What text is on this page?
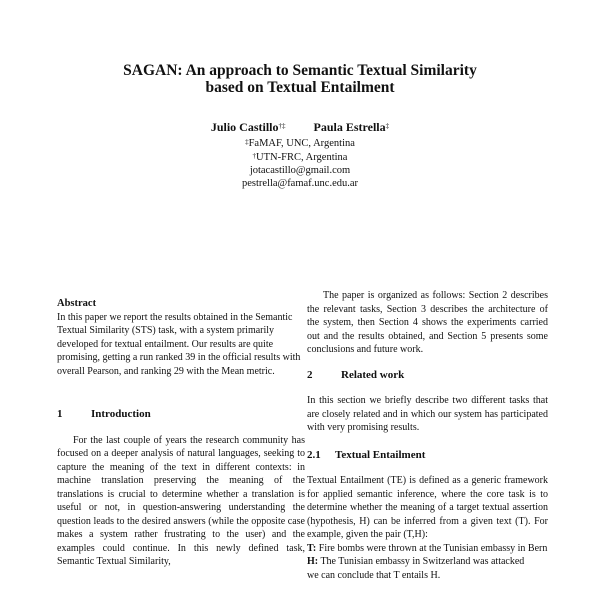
SAGAN: An approach to Semantic Textual Similarity
based on Textual Entailment
Julio Castillo†‡ Paula Estrella‡
‡FaMAF, UNC, Argentina
†UTN-FRC, Argentina
jotacastillo@gmail.com
pestrella@famaf.unc.edu.ar

Abstract

In this paper we report the results obtained in the Semantic Textual Similarity (STS) task, with a system primarily developed for textual entailment. Our results are quite promising, getting a run ranked 39 in the official results with overall Pearson, and ranking 29 with the Mean metric.

1	Introduction

For the last couple of years the research community has focused on a deeper analysis of natural languages, seeking to capture the meaning of the text in different contexts: in machine translation preserving the meaning of the translations is crucial to determine whether a translation is useful or not, in question-answering understanding the question leads to the desired answers (while the opposite case makes a system rather frustrating to the user) and the examples could continue. In this newly defined task, Semantic Textual Similarity,

The paper is organized as follows: Section 2 describes the relevant tasks, Section 3 describes the architecture of the system, then Section 4 shows the experiments carried out and the results obtained, and Section 5 presents some conclusions and future work.

2	Related work

In this section we briefly describe two different tasks that are closely related and in which our system has participated with very promising results.

2.1 Textual Entailment

Textual Entailment (TE) is defined as a generic framework for applied semantic inference, where the core task is to determine whether the meaning of a target textual assertion (hypothesis, H) can be inferred from a given text (T). For example, given the pair (T,H):

T: Fire bombs were thrown at the Tunisian embassy in Bern

H: The Tunisian embassy in Switzerland was attacked

we can conclude that T entails H.
